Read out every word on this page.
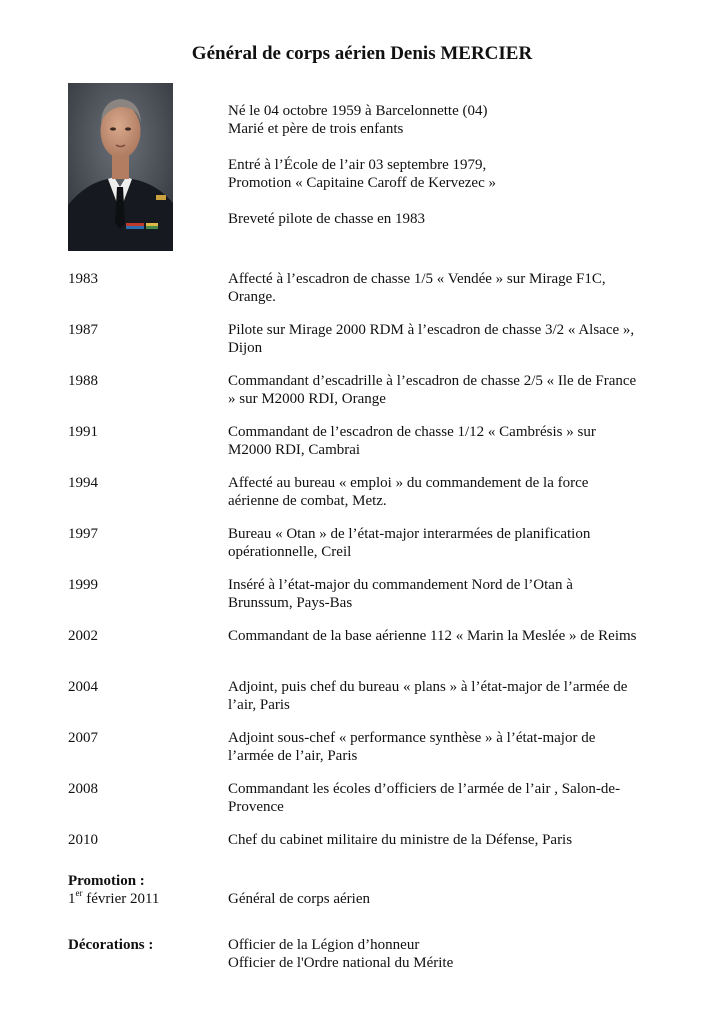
Général de corps aérien Denis MERCIER
Né le 04 octobre 1959 à Barcelonnette (04)
Marié et père de trois enfants
Entré à l’École de l’air 03 septembre 1979,
Promotion « Capitaine Caroff de Kervezec »
Breveté pilote de chasse en 1983
1983	Affecté à l’escadron de chasse 1/5 « Vendée » sur Mirage F1C, Orange.
1987	Pilote sur Mirage 2000 RDM à l’escadron de chasse 3/2 « Alsace », Dijon
1988	Commandant d’escadrille à l’escadron de chasse 2/5 « Ile de France » sur M2000 RDI, Orange
1991	Commandant de l’escadron de chasse 1/12 « Cambrésis » sur M2000 RDI, Cambrai
1994	Affecté au bureau « emploi » du commandement de la force aérienne de combat, Metz.
1997	Bureau « Otan » de l’état-major interarmées de planification opérationnelle, Creil
1999	Inséré à l’état-major du commandement Nord de l’Otan à Brunssum, Pays-Bas
2002	Commandant de la base aérienne 112 « Marin la Meslée » de Reims
2004	Adjoint, puis chef du bureau « plans » à l’état-major de l’armée de l’air, Paris
2007	Adjoint sous-chef « performance synthèse » à l’état-major de l’armée de l’air, Paris
2008	Commandant les écoles d’officiers de l’armée de l’air , Salon-de-Provence
2010	Chef du cabinet militaire du ministre de la Défense, Paris
Promotion :
1er février 2011	Général de corps aérien
Décorations :	Officier de la Légion d’honneur
Officier de l'Ordre national du Mérite
